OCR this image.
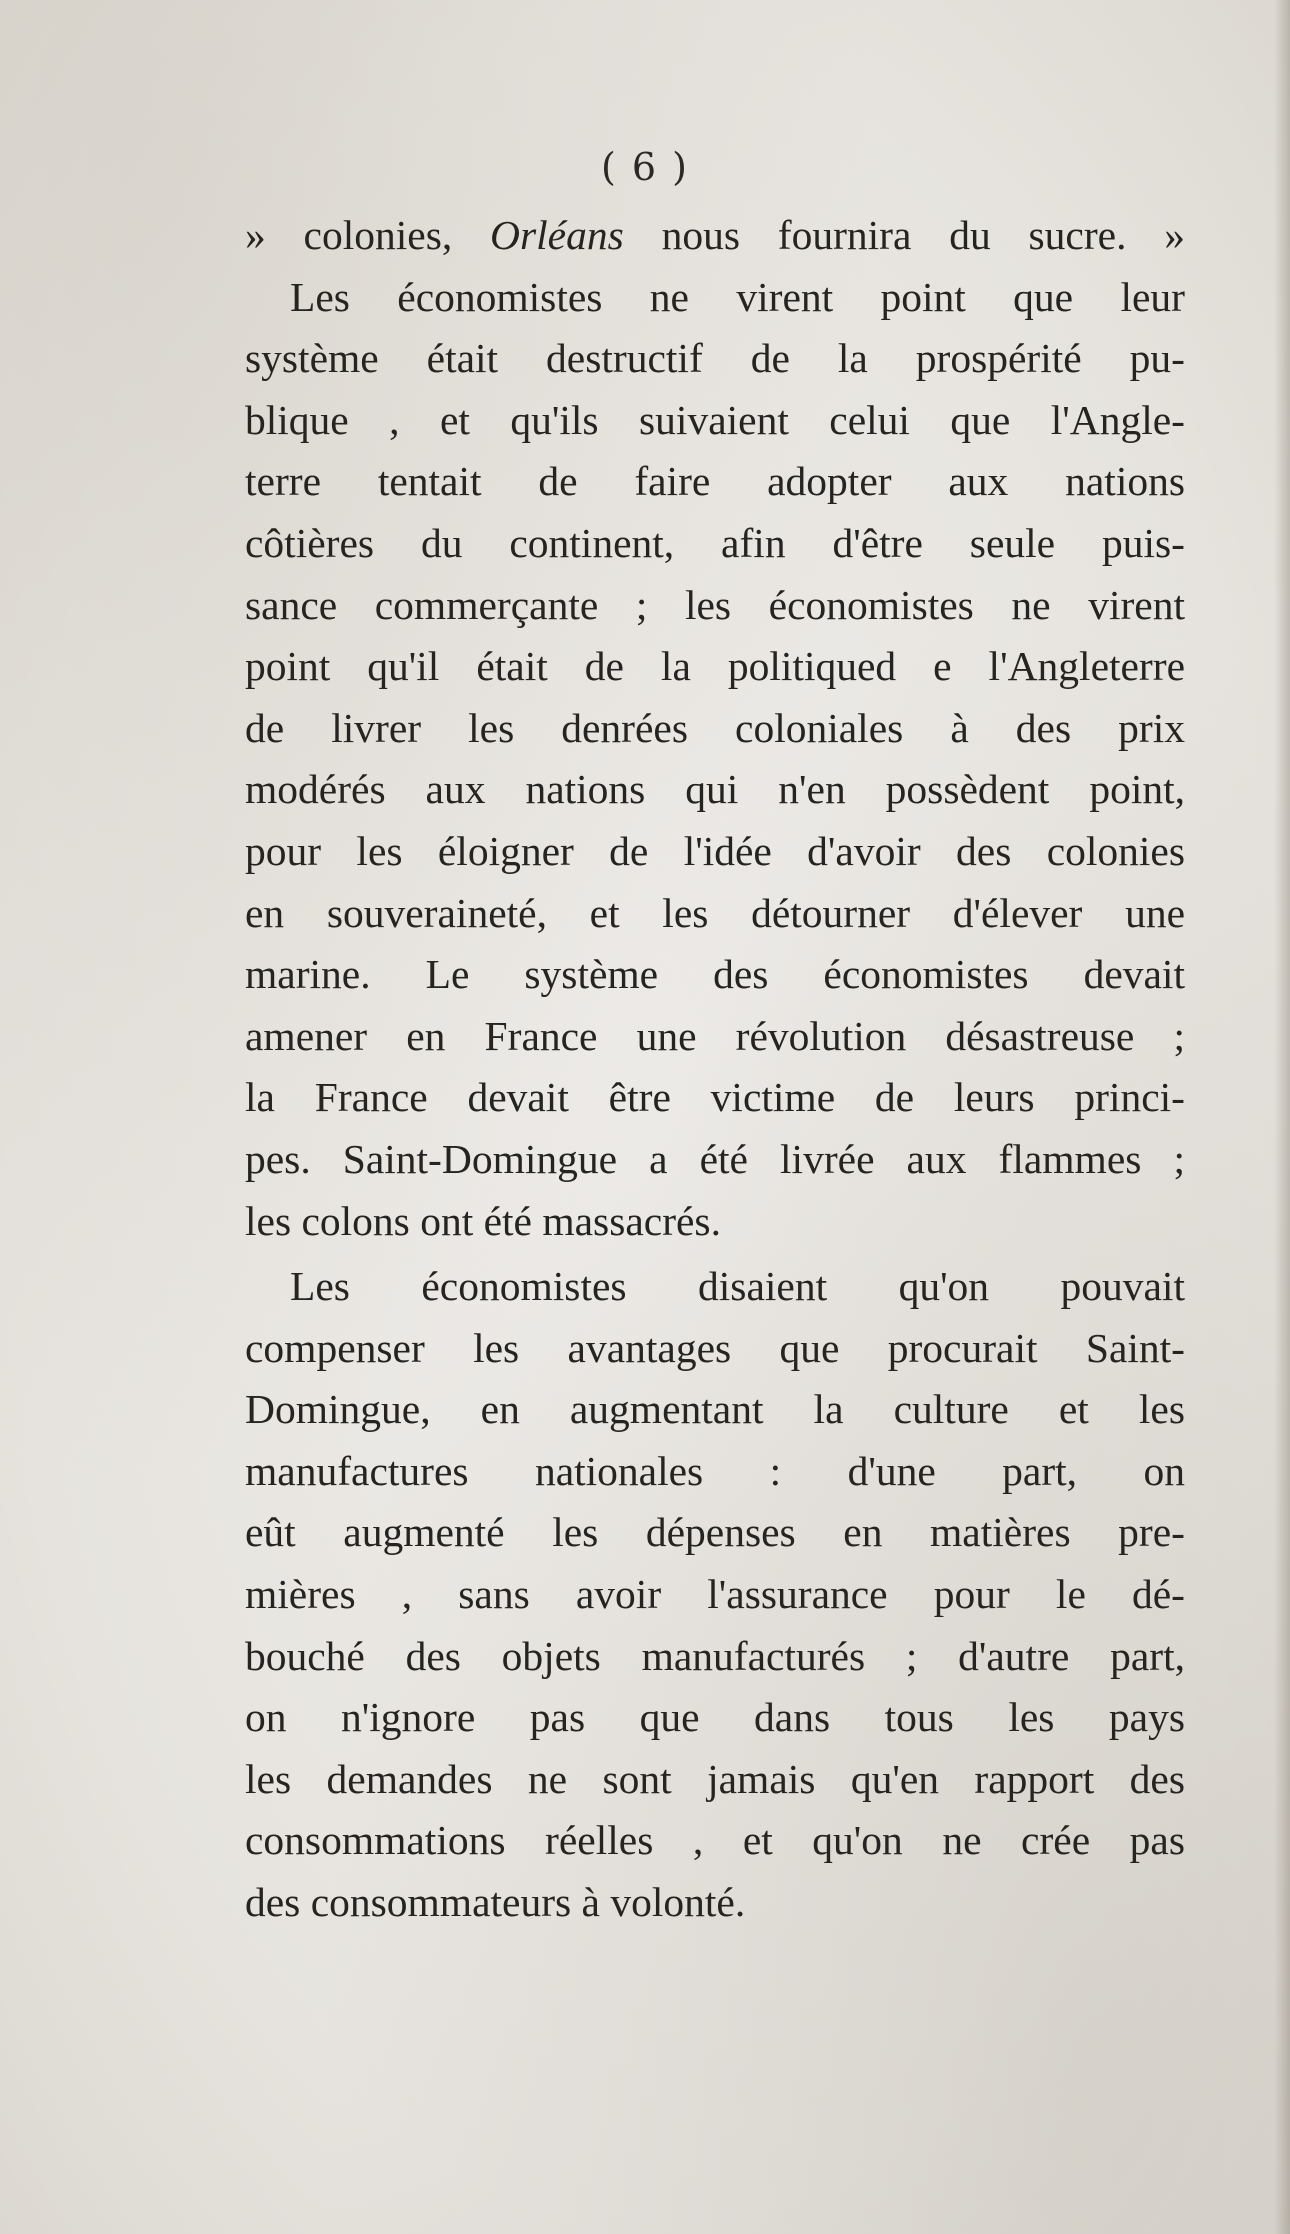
( 6 )
» colonies, Orléans nous fournira du sucre. »
Les économistes ne virent point que leur
système était destructif de la prospérité pu-
blique , et qu'ils suivaient celui que l'Angle-
terre tentait de faire adopter aux nations
côtières du continent, afin d'être seule puis-
sance commerçante ; les économistes ne virent
point qu'il était de la politiqued e l'Angleterre
de livrer les denrées coloniales à des prix
modérés aux nations qui n'en possèdent point,
pour les éloigner de l'idée d'avoir des colonies
en souveraineté, et les détourner d'élever une
marine. Le système des économistes devait
amener en France une révolution désastreuse ;
la France devait être victime de leurs princi-
pes. Saint-Domingue a été livrée aux flammes ;
les colons ont été massacrés.
Les économistes disaient qu'on pouvait
compenser les avantages que procurait Saint-
Domingue, en augmentant la culture et les
manufactures nationales : d'une part, on
eût augmenté les dépenses en matières pre-
mières , sans avoir l'assurance pour le dé-
bouché des objets manufacturés ; d'autre part,
on n'ignore pas que dans tous les pays
les demandes ne sont jamais qu'en rapport des
consommations réelles , et qu'on ne crée pas
des consommateurs à volonté.
